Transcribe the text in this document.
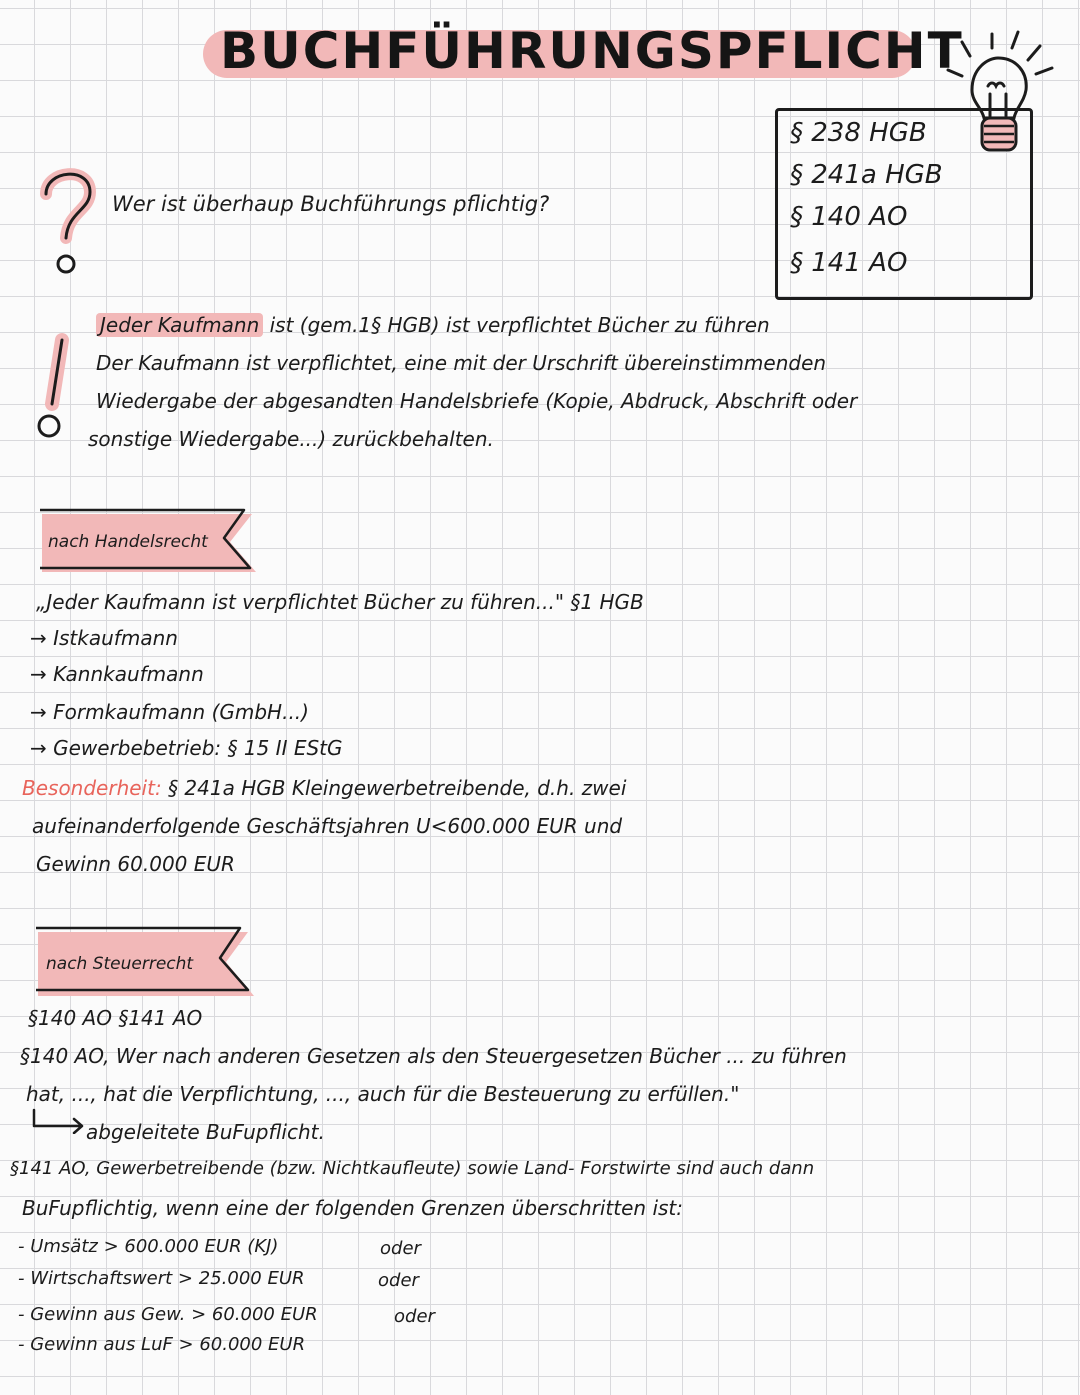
BUCHFÜHRUNGSPFLICHT
§ 238 HGB
§ 241a HGB
§ 140 AO
§ 141 AO
Wer ist überhaup Buchführungs pflichtig?
Jeder Kaufmann ist (gem.1§ HGB) ist verpflichtet Bücher zu führen
Der Kaufmann ist verpflichtet, eine mit der Urschrift übereinstimmenden
Wiedergabe der abgesandten Handelsbriefe (Kopie, Abdruck, Abschrift oder
sonstige Wiedergabe...) zurückbehalten.
nach Handelsrecht
„Jeder Kaufmann ist verpflichtet Bücher zu führen..." §1 HGB
→ Istkaufmann
→ Kannkaufmann
→ Formkaufmann (GmbH...)
→ Gewerbebetrieb: § 15 II EStG
Besonderheit: § 241a HGB Kleingewerbetreibende, d.h. zwei
aufeinanderfolgende Geschäftsjahren U<600.000 EUR und
Gewinn 60.000 EUR
nach Steuerrecht
§140 AO §141 AO
§140 AO, Wer nach anderen Gesetzen als den Steuergesetzen Bücher ... zu führen
hat, ..., hat die Verpflichtung, ..., auch für die Besteuerung zu erfüllen."
abgeleitete BuFupflicht.
§141 AO, Gewerbetreibende (bzw. Nichtkaufleute) sowie Land- Forstwirte sind auch dann
BuFupflichtig, wenn eine der folgenden Grenzen überschritten ist:
- Umsätz > 600.000 EUR (KJ)	oder
- Wirtschaftswert > 25.000 EUR	oder
- Gewinn aus Gew. > 60.000 EUR	oder
- Gewinn aus LuF > 60.000 EUR
